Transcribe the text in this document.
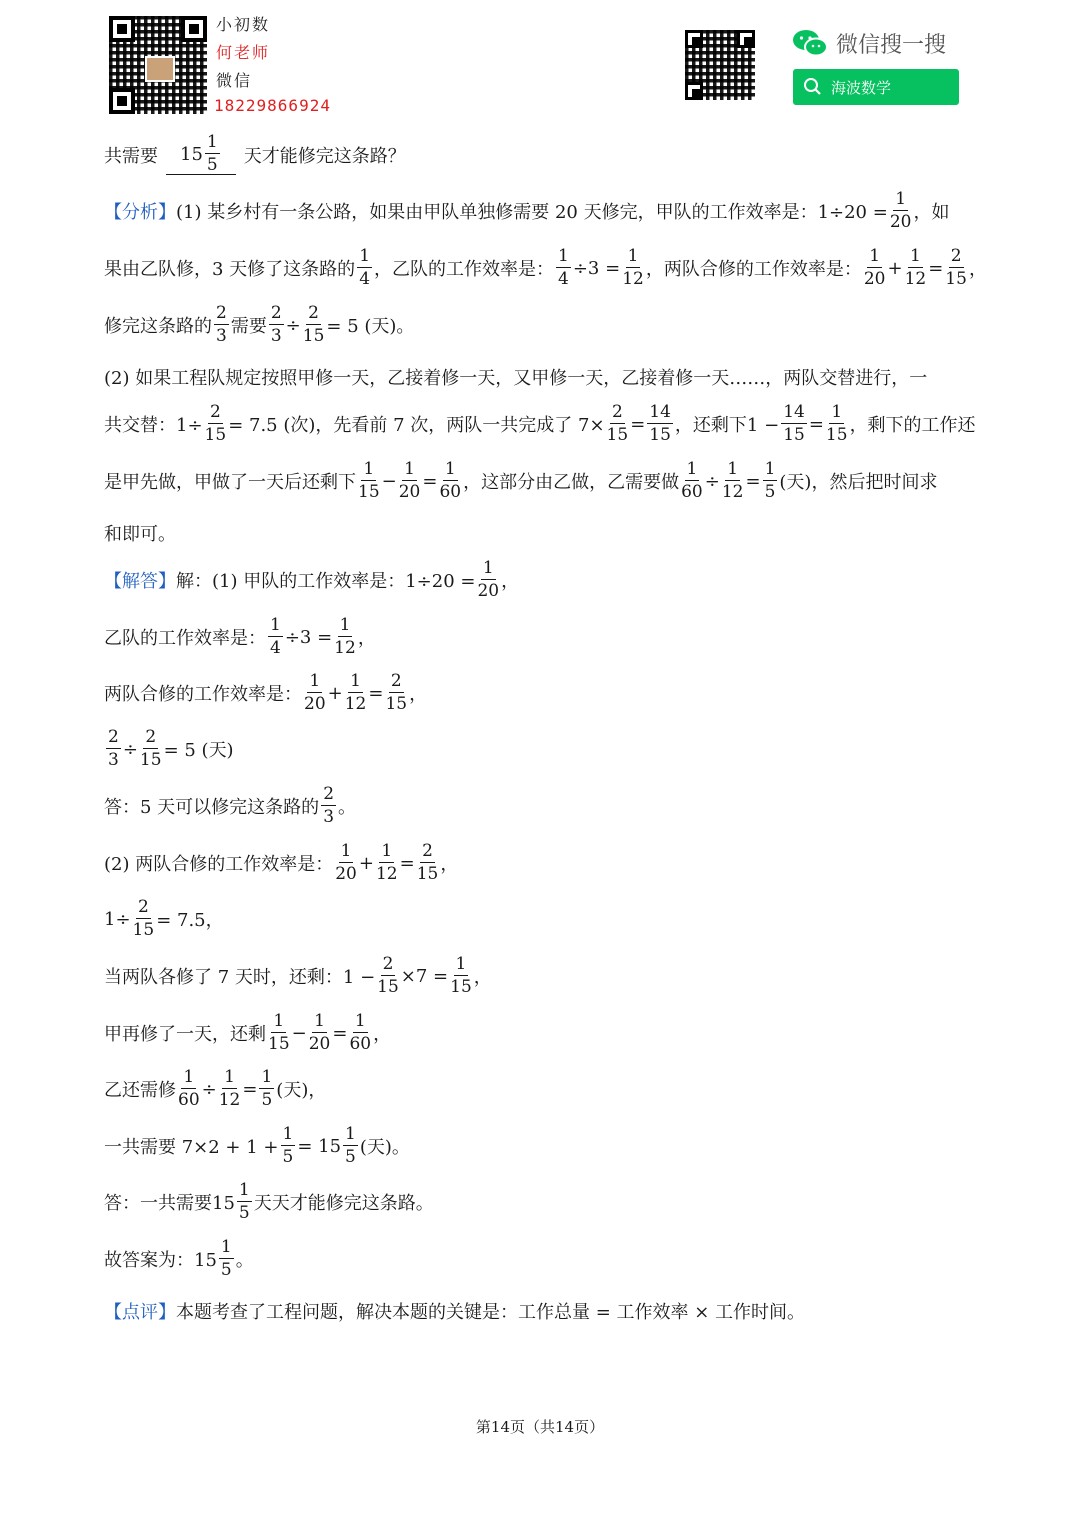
小初数
何老师
微信
18229866924
微信搜一搜
海波数学
共需要 $15 \frac{1}{5}$ 天才能修完这条路？
【分析】 (1) 某乡村有一条公路，如果由甲队单独修需要 20 天修完，甲队的工作效率是：$1\div 20 = \frac{1}{20}$ ，如
果由乙队修，3 天修了这条路的 $\frac{1}{4}$ ，乙队的工作效率是： $\frac{1}{4} \div 3 = \frac{1}{12}$ ，两队合修的工作效率是： $\frac{1}{20} + \frac{1}{12} = \frac{2}{15}$ ，
修完这条路的 $\frac{2}{3}$ 需要 $\frac{2}{3} \div \frac{2}{15} = 5$ (天)。
(2) 如果工程队规定按照甲修一天，乙接着修一天，又甲修一天，乙接着修一天……，两队交替进行，一
共交替：$1\div \frac{2}{15} = 7.5$ (次)，先看前 7 次，两队一共完成了 $7\times \frac{2}{15} = \frac{14}{15}$ ，还剩下$1 - \frac{14}{15} = \frac{1}{15}$ ，剩下的工作还
是甲先做，甲做了一天后还剩下 $\frac{1}{15} - \frac{1}{20} = \frac{1}{60}$ ，这部分由乙做，乙需要做 $\frac{1}{60} \div \frac{1}{12} = \frac{1}{5}$ (天)，然后把时间求
和即可。
【解答】 解：(1) 甲队的工作效率是：$1\div 20 = \frac{1}{20}$ ，
乙队的工作效率是： $\frac{1}{4} \div 3 = \frac{1}{12}$ ，
两队合修的工作效率是： $\frac{1}{20} + \frac{1}{12} = \frac{2}{15}$ ，
$\frac{2}{3} \div \frac{2}{15} = 5$ (天)
答：5 天可以修完这条路的 $\frac{2}{3}$ 。
(2) 两队合修的工作效率是： $\frac{1}{20} + \frac{1}{12} = \frac{2}{15}$ ，
$1\div \frac{2}{15} = 7.5$，
当两队各修了 7 天时，还剩：$1 - \frac{2}{15} \times 7 = \frac{1}{15}$ ，
甲再修了一天，还剩 $\frac{1}{15} - \frac{1}{20} = \frac{1}{60}$ ，
乙还需修 $\frac{1}{60} \div \frac{1}{12} = \frac{1}{5}$ (天)，
一共需要 $7\times 2 + 1 + \frac{1}{5} = 15 \frac{1}{5}$ (天)。
答：一共需要$15 \frac{1}{5}$ 天天才能修完这条路。
故答案为：$15 \frac{1}{5}$ 。
【点评】 本题考查了工程问题，解决本题的关键是：工作总量 = 工作效率 × 工作时间。
第14页（共14页）
